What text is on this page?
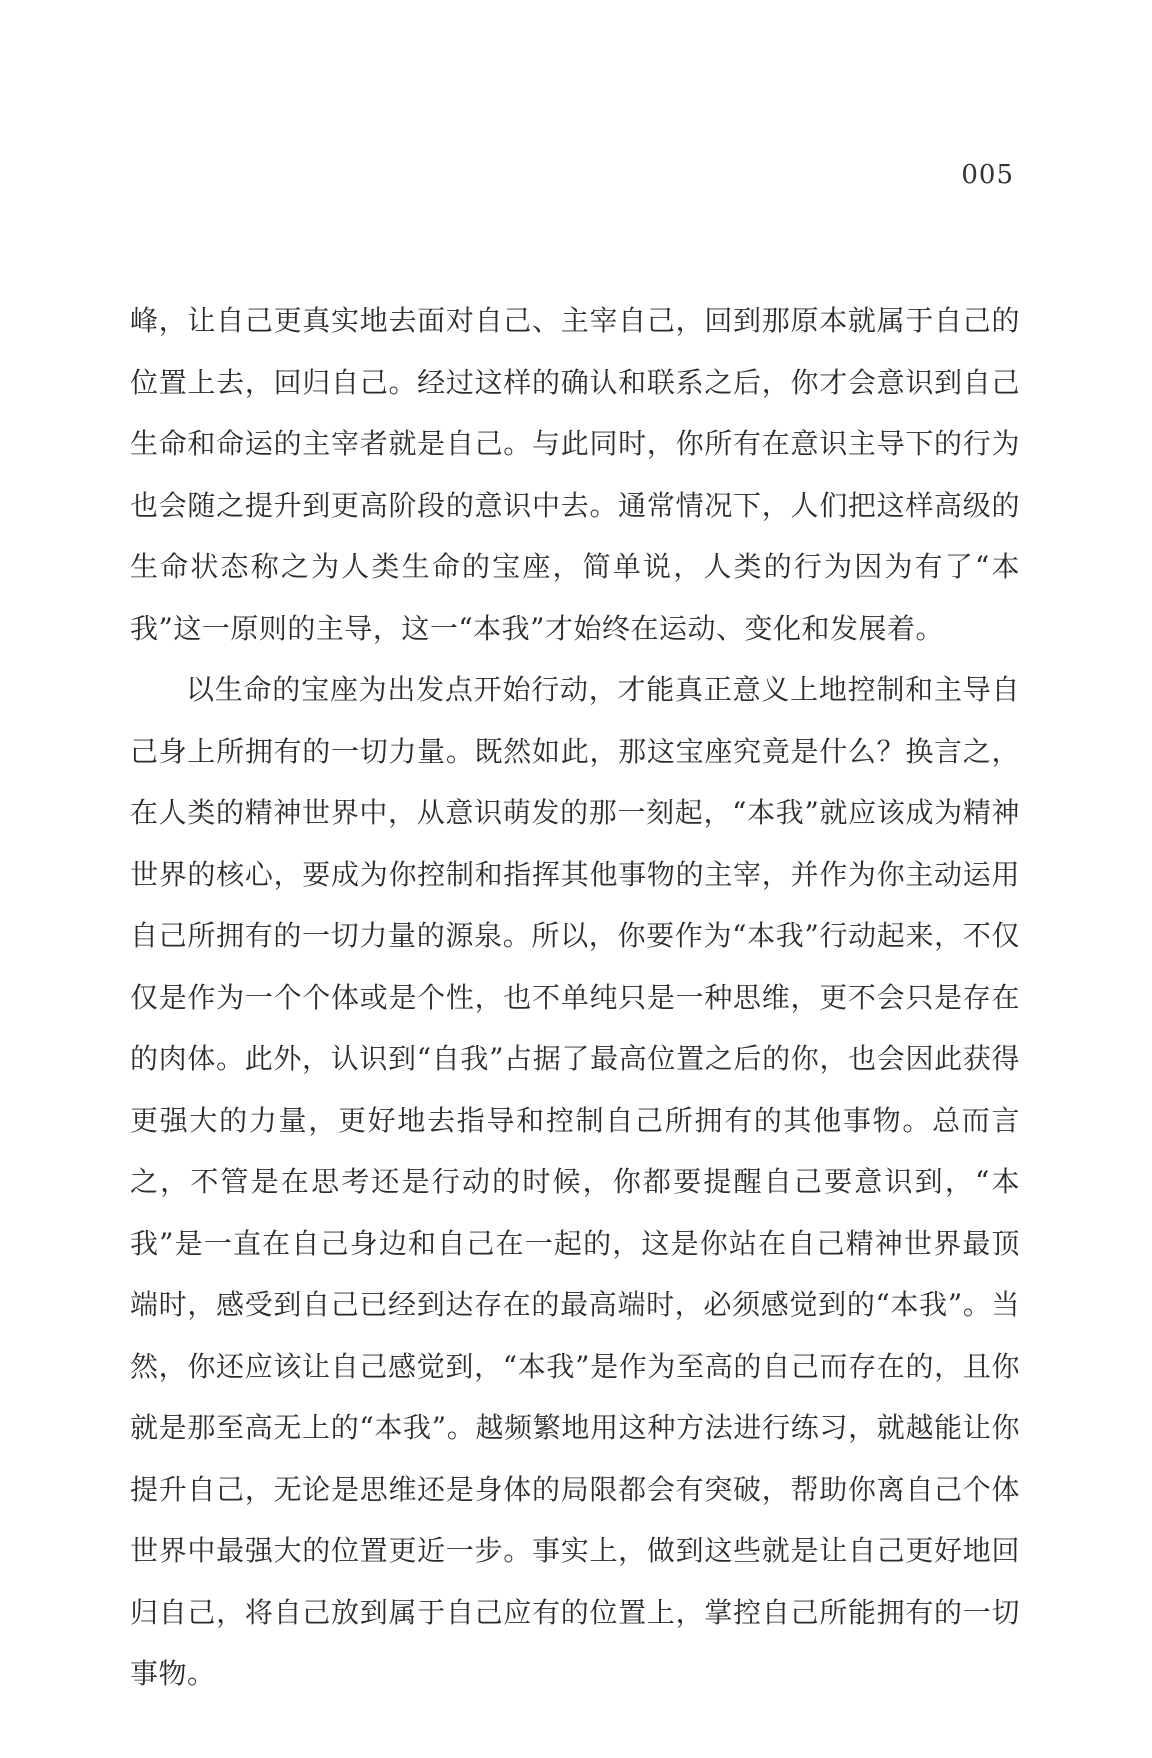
005

峰，让自己更真实地去面对自己、主宰自己，回到那原本就属于自己的位置上去，回归自己。经过这样的确认和联系之后，你才会意识到自己生命和命运的主宰者就是自己。与此同时，你所有在意识主导下的行为也会随之提升到更高阶段的意识中去。通常情况下，人们把这样高级的生命状态称之为人类生命的宝座，简单说，人类的行为因为有了“本我”这一原则的主导，这一“本我”才始终在运动、变化和发展着。

以生命的宝座为出发点开始行动，才能真正意义上地控制和主导自己身上所拥有的一切力量。既然如此，那这宝座究竟是什么？换言之，在人类的精神世界中，从意识萌发的那一刻起，“本我”就应该成为精神世界的核心，要成为你控制和指挥其他事物的主宰，并作为你主动运用自己所拥有的一切力量的源泉。所以，你要作为“本我”行动起来，不仅仅是作为一个个体或是个性，也不单纯只是一种思维，更不会只是存在的肉体。此外，认识到“自我”占据了最高位置之后的你，也会因此获得更强大的力量，更好地去指导和控制自己所拥有的其他事物。总而言之，不管是在思考还是行动的时候，你都要提醒自己要意识到，“本我”是一直在自己身边和自己在一起的，这是你站在自己精神世界最顶端时，感受到自己已经到达存在的最高端时，必须感觉到的“本我”。当然，你还应该让自己感觉到，“本我”是作为至高的自己而存在的，且你就是那至高无上的“本我”。越频繁地用这种方法进行练习，就越能让你提升自己，无论是思维还是身体的局限都会有突破，帮助你离自己个体世界中最强大的位置更近一步。事实上，做到这些就是让自己更好地回归自己，将自己放到属于自己应有的位置上，掌控自己所能拥有的一切事物。
